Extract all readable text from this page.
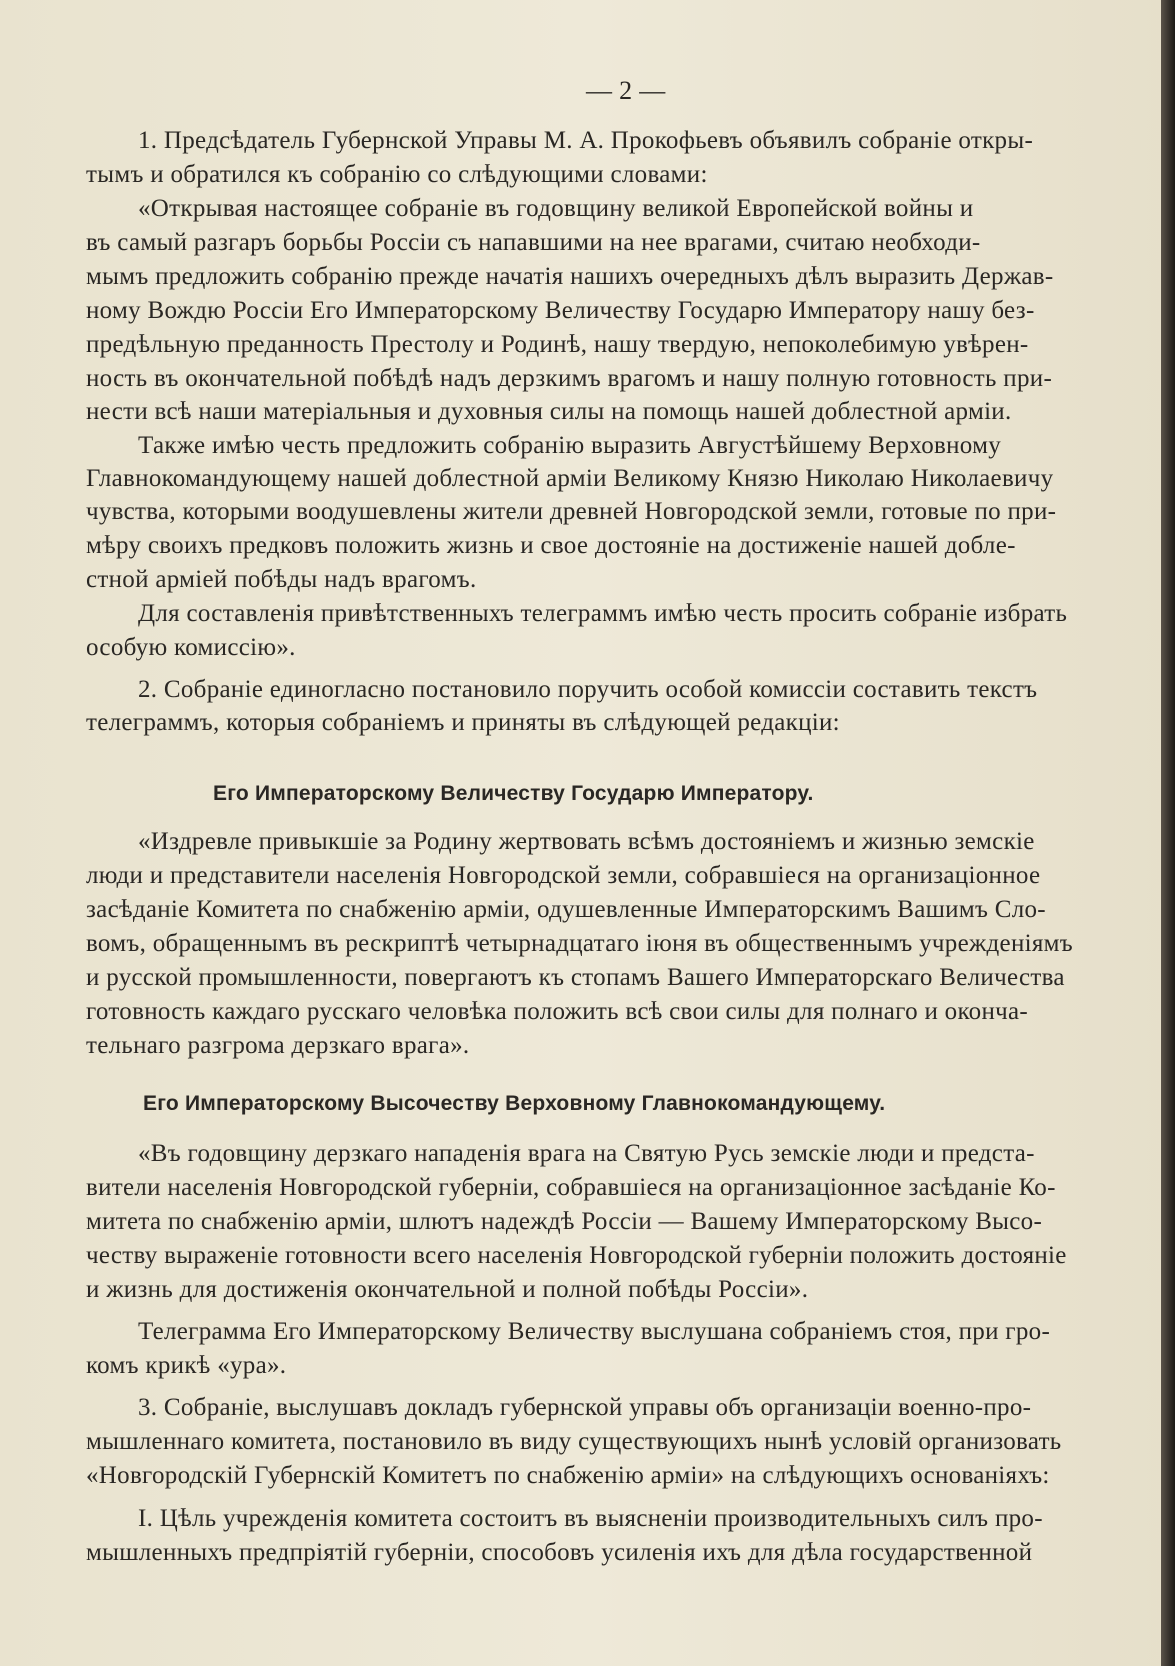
— 2 —
1. Предсѣдатель Губернской Управы М. А. Прокофьевъ объявилъ собраніе откры-
тымъ и обратился къ собранію со слѣдующими словами:
«Открывая настоящее собраніе въ годовщину великой Европейской войны и
въ самый разгаръ борьбы Россіи съ напавшими на нее врагами, считаю необходи-
мымъ предложить собранію прежде начатія нашихъ очередныхъ дѣлъ выразить Держав-
ному Вождю Россіи Его Императорскому Величеству Государю Императору нашу без-
предѣльную преданность Престолу и Родинѣ, нашу твердую, непоколебимую увѣрен-
ность въ окончательной побѣдѣ надъ дерзкимъ врагомъ и нашу полную готовность при-
нести всѣ наши матеріальныя и духовныя силы на помощь нашей доблестной арміи.
Также имѣю честь предложить собранію выразить Августѣйшему Верховному
Главнокомандующему нашей доблестной арміи Великому Князю Николаю Николаевичу
чувства, которыми воодушевлены жители древней Новгородской земли, готовые по при-
мѣру своихъ предковъ положить жизнь и свое достояніе на достиженіе нашей добле-
стной арміей побѣды надъ врагомъ.
Для составленія привѣтственныхъ телеграммъ имѣю честь просить собраніе избрать
особую комиссію».
2. Собраніе единогласно постановило поручить особой комиссіи составить текстъ
телеграммъ, которыя собраніемъ и приняты въ слѣдующей редакціи:
Его Императорскому Величеству Государю Императору.
«Издревле привыкшіе за Родину жертвовать всѣмъ достояніемъ и жизнью земскіе
люди и представители населенія Новгородской земли, собравшіеся на организаціонное
засѣданіе Комитета по снабженію арміи, одушевленные Императорскимъ Вашимъ Сло-
вомъ, обращеннымъ въ рескриптѣ четырнадцатаго іюня въ общественнымъ учрежденіямъ
и русской промышленности, повергаютъ къ стопамъ Вашего Императорскаго Величества
готовность каждаго русскаго человѣка положить всѣ свои силы для полнаго и оконча-
тельнаго разгрома дерзкаго врага».
Его Императорскому Высочеству Верховному Главнокомандующему.
«Въ годовщину дерзкаго нападенія врага на Святую Русь земскіе люди и предста-
вители населенія Новгородской губерніи, собравшіеся на организаціонное засѣданіе Ко-
митета по снабженію арміи, шлютъ надеждѣ Россіи — Вашему Императорскому Высо-
честву выраженіе готовности всего населенія Новгородской губерніи положить достояніе
и жизнь для достиженія окончательной и полной побѣды Россіи».
Телеграмма Его Императорскому Величеству выслушана собраніемъ стоя, при гро-
комъ крикѣ «ура».
3. Собраніе, выслушавъ докладъ губернской управы объ организаціи военно-про-
мышленнаго комитета, постановило въ виду существующихъ нынѣ условій организовать
«Новгородскій Губернскій Комитетъ по снабженію арміи» на слѣдующихъ основаніяхъ:
I. Цѣль учрежденія комитета состоитъ въ выясненіи производительныхъ силъ про-
мышленныхъ предпріятій губерніи, способовъ усиленія ихъ для дѣла государственной
